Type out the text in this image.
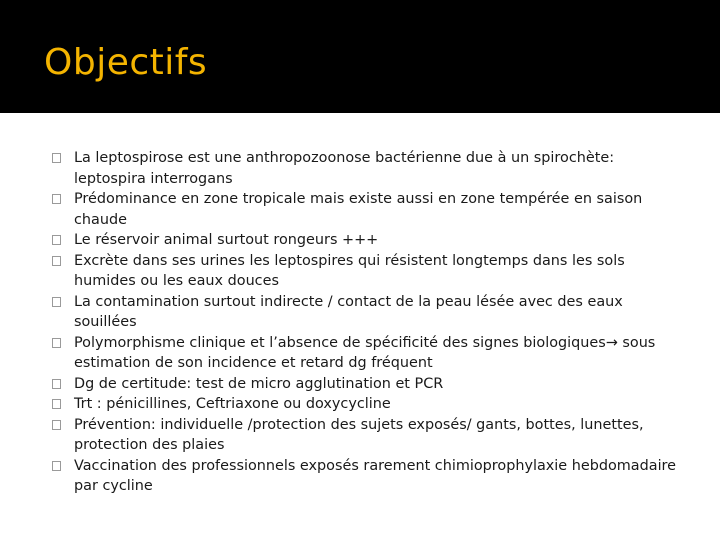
Objectifs
La leptospirose est une anthropozoonose bactérienne due à un spirochète: leptospira interrogans
Prédominance en zone tropicale mais existe aussi en zone tempérée en saison chaude
Le réservoir animal surtout rongeurs +++
Excrète dans ses urines les leptospires qui résistent longtemps dans les sols humides ou les eaux douces
La contamination surtout indirecte / contact de la peau lésée avec des eaux souillées
Polymorphisme clinique et l’absence de spécificité des signes biologiques→ sous estimation de son incidence et retard dg fréquent
Dg de certitude: test de micro agglutination et PCR
Trt : pénicillines, Ceftriaxone ou doxycycline
Prévention: individuelle /protection des sujets exposés/ gants, bottes, lunettes, protection des plaies
Vaccination des professionnels exposés rarement chimioprophylaxie hebdomadaire par cycline
